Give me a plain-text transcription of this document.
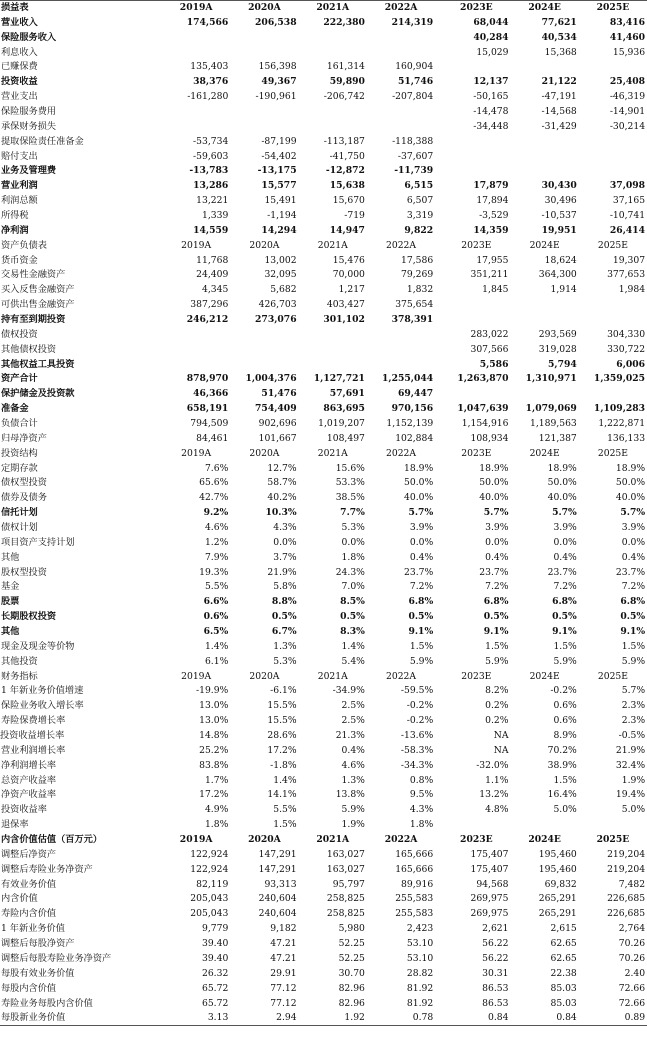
损益表	2019A	2020A	2021A	2022A		2023E	2024E	2025E
营业收入	174,566	206,538	222,380	214,319		68,044	77,621	83,416
保险服务收入						40,284	40,534	41,460
利息收入						15,029	15,368	15,936
已赚保费	135,403	156,398	161,314	160,904				
投资收益	38,376	49,367	59,890	51,746		12,137	21,122	25,408
营业支出	-161,280	-190,961	-206,742	-207,804		-50,165	-47,191	-46,319
保险服务费用						-14,478	-14,568	-14,901
承保财务损失						-34,448	-31,429	-30,214
提取保险责任准备金	-53,734	-87,199	-113,187	-118,388				
赔付支出	-59,603	-54,402	-41,750	-37,607				
业务及管理费	-13,783	-13,175	-12,872	-11,739				
营业利润	13,286	15,577	15,638	6,515		17,879	30,430	37,098
利润总额	13,221	15,491	15,670	6,507		17,894	30,496	37,165
所得税	1,339	-1,194	-719	3,319		-3,529	-10,537	-10,741
净利润	14,559	14,294	14,947	9,822		14,359	19,951	26,414
资产负债表	2019A	2020A	2021A	2022A		2023E	2024E	2025E
货币资金	11,768	13,002	15,476	17,586		17,955	18,624	19,307
交易性金融资产	24,409	32,095	70,000	79,269		351,211	364,300	377,653
买入反售金融资产	4,345	5,682	1,217	1,832		1,845	1,914	1,984
可供出售金融资产	387,296	426,703	403,427	375,654				
持有至到期投资	246,212	273,076	301,102	378,391				
债权投资						283,022	293,569	304,330
其他债权投资						307,566	319,028	330,722
其他权益工具投资						5,586	5,794	6,006
资产合计	878,970	1,004,376	1,127,721	1,255,044		1,263,870	1,310,971	1,359,025
保护储金及投资款	46,366	51,476	57,691	69,447				
准备金	658,191	754,409	863,695	970,156		1,047,639	1,079,069	1,109,283
负债合计	794,509	902,696	1,019,207	1,152,139		1,154,916	1,189,563	1,222,871
归母净资产	84,461	101,667	108,497	102,884		108,934	121,387	136,133
投资结构	2019A	2020A	2021A	2022A		2023E	2024E	2025E
定期存款	7.6%	12.7%	15.6%	18.9%		18.9%	18.9%	18.9%
债权型投资	65.6%	58.7%	53.3%	50.0%		50.0%	50.0%	50.0%
债券及债务	42.7%	40.2%	38.5%	40.0%		40.0%	40.0%	40.0%
信托计划	9.2%	10.3%	7.7%	5.7%		5.7%	5.7%	5.7%
债权计划	4.6%	4.3%	5.3%	3.9%		3.9%	3.9%	3.9%
项目资产支持计划	1.2%	0.0%	0.0%	0.0%		0.0%	0.0%	0.0%
其他	7.9%	3.7%	1.8%	0.4%		0.4%	0.4%	0.4%
股权型投资	19.3%	21.9%	24.3%	23.7%		23.7%	23.7%	23.7%
基金	5.5%	5.8%	7.0%	7.2%		7.2%	7.2%	7.2%
股票	6.6%	8.8%	8.5%	6.8%		6.8%	6.8%	6.8%
长期股权投资	0.6%	0.5%	0.5%	0.5%		0.5%	0.5%	0.5%
其他	6.5%	6.7%	8.3%	9.1%		9.1%	9.1%	9.1%
现金及现金等价物	1.4%	1.3%	1.4%	1.5%		1.5%	1.5%	1.5%
其他投资	6.1%	5.3%	5.4%	5.9%		5.9%	5.9%	5.9%
财务指标	2019A	2020A	2021A	2022A		2023E	2024E	2025E
1 年新业务价值增速	-19.9%	-6.1%	-34.9%	-59.5%		8.2%	-0.2%	5.7%
保险业务收入增长率	13.0%	15.5%	2.5%	-0.2%		0.2%	0.6%	2.3%
寿险保费增长率	13.0%	15.5%	2.5%	-0.2%		0.2%	0.6%	2.3%
投资收益增长率	14.8%	28.6%	21.3%	-13.6%		NA	8.9%	-0.5%
营业利润增长率	25.2%	17.2%	0.4%	-58.3%		NA	70.2%	21.9%
净利润增长率	83.8%	-1.8%	4.6%	-34.3%		-32.0%	38.9%	32.4%
总资产收益率	1.7%	1.4%	1.3%	0.8%		1.1%	1.5%	1.9%
净资产收益率	17.2%	14.1%	13.8%	9.5%		13.2%	16.4%	19.4%
投资收益率	4.9%	5.5%	5.9%	4.3%		4.8%	5.0%	5.0%
退保率	1.8%	1.5%	1.9%	1.8%				
内含价值估值（百万元）	2019A	2020A	2021A	2022A		2023E	2024E	2025E
调整后净资产	122,924	147,291	163,027	165,666		175,407	195,460	219,204
调整后寿险业务净资产	122,924	147,291	163,027	165,666		175,407	195,460	219,204
有效业务价值	82,119	93,313	95,797	89,916		94,568	69,832	7,482
内含价值	205,043	240,604	258,825	255,583		269,975	265,291	226,685
寿险内含价值	205,043	240,604	258,825	255,583		269,975	265,291	226,685
1 年新业务价值	9,779	9,182	5,980	2,423		2,621	2,615	2,764
调整后每股净资产	39.40	47.21	52.25	53.10		56.22	62.65	70.26
调整后每股寿险业务净资产	39.40	47.21	52.25	53.10		56.22	62.65	70.26
每股有效业务价值	26.32	29.91	30.70	28.82		30.31	22.38	2.40
每股内含价值	65.72	77.12	82.96	81.92		86.53	85.03	72.66
寿险业务每股内含价值	65.72	77.12	82.96	81.92		86.53	85.03	72.66
每股新业务价值	3.13	2.94	1.92	0.78		0.84	0.84	0.89
